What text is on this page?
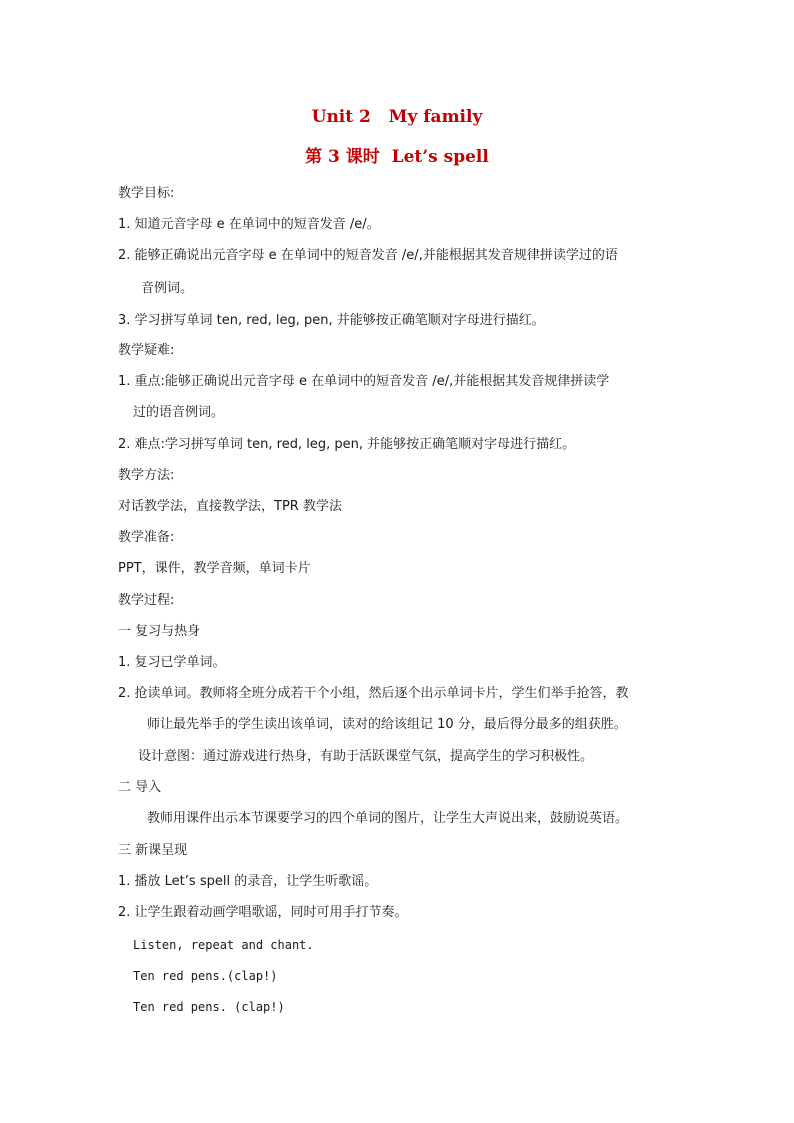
Unit 2   My family
第 3 课时  Let’s spell
教学目标:
1. 知道元音字母 e 在单词中的短音发音 /e/。
2. 能够正确说出元音字母 e 在单词中的短音发音 /e/,并能根据其发音规律拼读学过的语
音例词。
3. 学习拼写单词 ten, red, leg, pen, 并能够按正确笔顺对字母进行描红。
教学疑难:
1. 重点:能够正确说出元音字母 e 在单词中的短音发音 /e/,并能根据其发音规律拼读学
过的语音例词。
2. 难点:学习拼写单词 ten, red, leg, pen, 并能够按正确笔顺对字母进行描红。
教学方法:
对话教学法，直接教学法，TPR 教学法
教学准备:
PPT，课件，教学音频，单词卡片
教学过程:
一 复习与热身
1. 复习已学单词。
2. 抢读单词。教师将全班分成若干个小组，然后逐个出示单词卡片，学生们举手抢答，教
师让最先举手的学生读出该单词，读对的给该组记 10 分，最后得分最多的组获胜。
设计意图：通过游戏进行热身，有助于活跃课堂气氛，提高学生的学习积极性。
二 导入
教师用课件出示本节课要学习的四个单词的图片，让学生大声说出来，鼓励说英语。
三 新课呈现
1. 播放 Let’s spell 的录音，让学生听歌谣。
2. 让学生跟着动画学唱歌谣，同时可用手打节奏。
Listen, repeat and chant.
Ten red pens.(clap!)
Ten red pens. (clap!)
